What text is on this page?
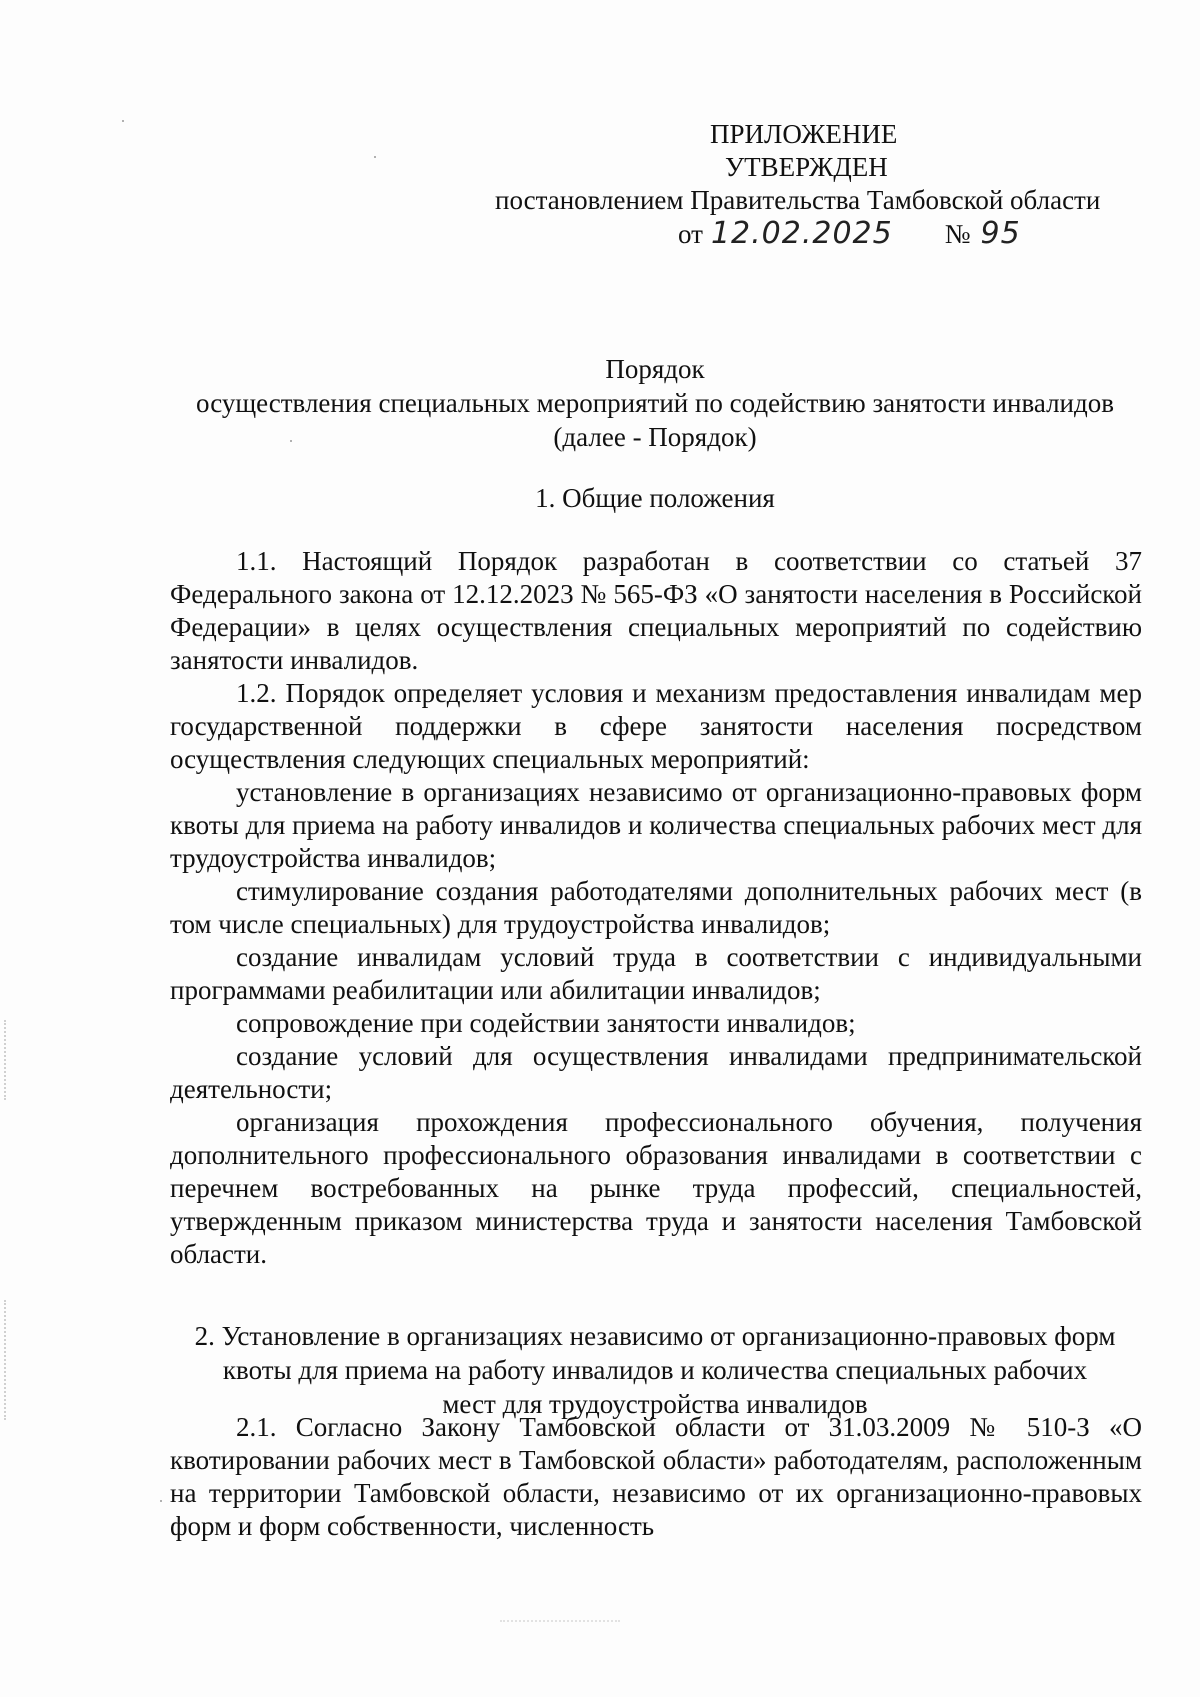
ПРИЛОЖЕНИЕ
УТВЕРЖДЕН
постановлением Правительства Тамбовской области
от 12.02.2025 № 95
Порядок
осуществления специальных мероприятий по содействию занятости инвалидов
(далее - Порядок)
1. Общие положения

1.1. Настоящий Порядок разработан в соответствии со статьей 37 Федерального закона от 12.12.2023 № 565-ФЗ «О занятости населения в Российской Федерации» в целях осуществления специальных мероприятий по содействию занятости инвалидов.

1.2. Порядок определяет условия и механизм предоставления инвалидам мер государственной поддержки в сфере занятости населения посредством осуществления следующих специальных мероприятий:

установление в организациях независимо от организационно-правовых форм квоты для приема на работу инвалидов и количества специальных рабочих мест для трудоустройства инвалидов;

стимулирование создания работодателями дополнительных рабочих мест (в том числе специальных) для трудоустройства инвалидов;

создание инвалидам условий труда в соответствии с индивидуальными программами реабилитации или абилитации инвалидов;

сопровождение при содействии занятости инвалидов;

создание условий для осуществления инвалидами предпринимательской деятельности;

организация прохождения профессионального обучения, получения дополнительного профессионального образования инвалидами в соответствии с перечнем востребованных на рынке труда профессий, специальностей, утвержденным приказом министерства труда и занятости населения Тамбовской области.

2. Установление в организациях независимо от организационно-правовых форм
квоты для приема на работу инвалидов и количества специальных рабочих
мест для трудоустройства инвалидов

2.1. Согласно Закону Тамбовской области от 31.03.2009 № 510-З «О квотировании рабочих мест в Тамбовской области» работодателям, расположенным на территории Тамбовской области, независимо от их организационно-правовых форм и форм собственности, численность
